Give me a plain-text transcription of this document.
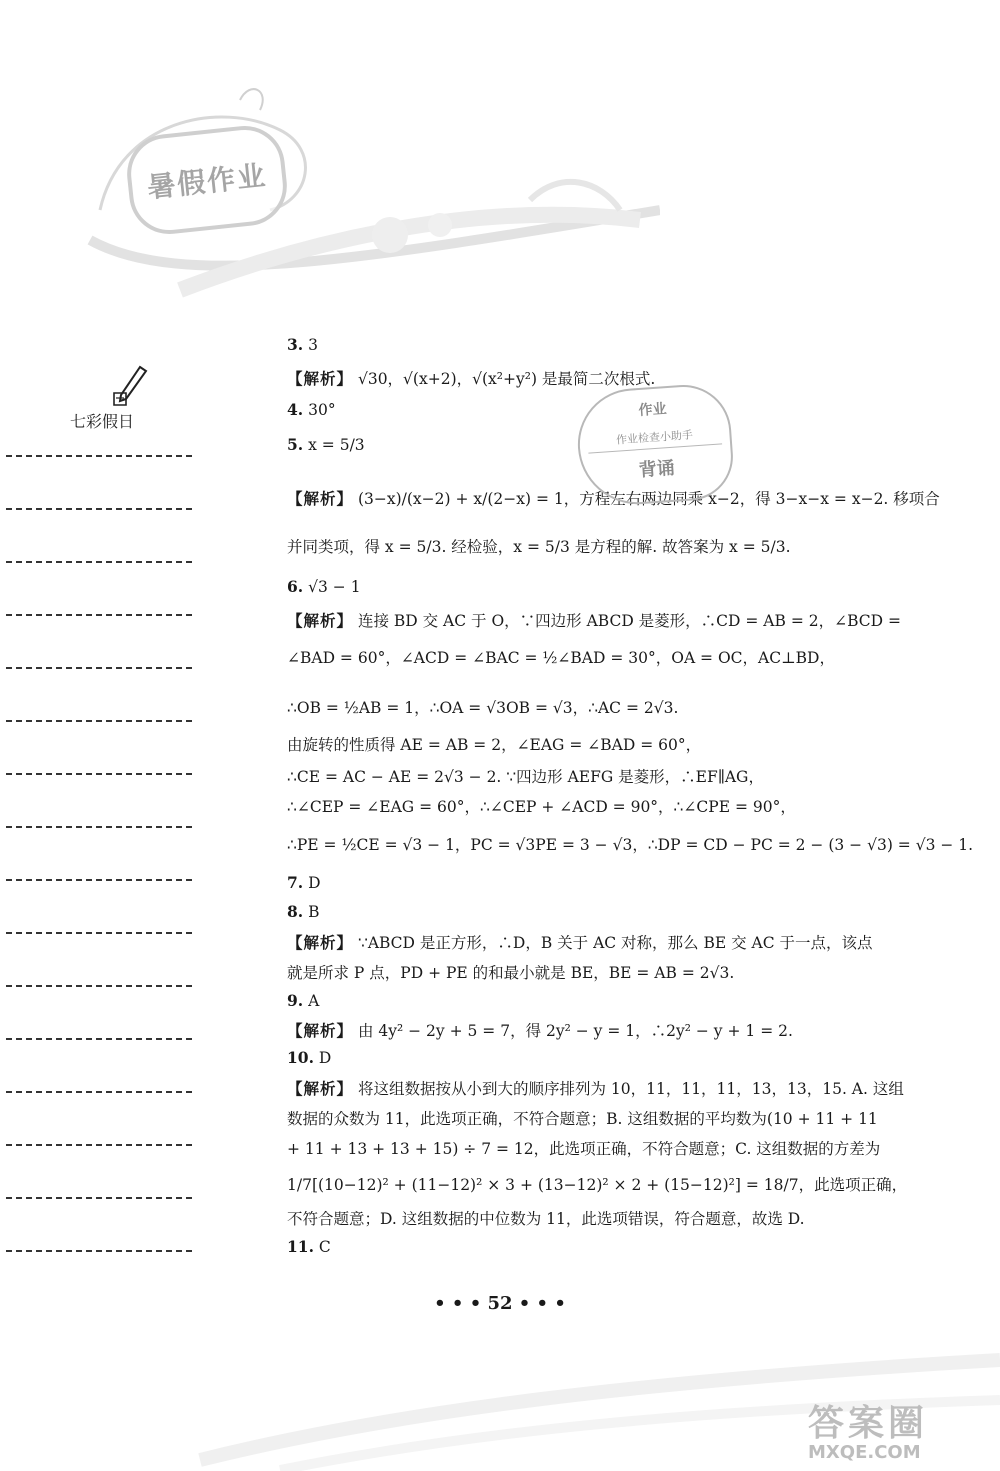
暑假作业
七彩假日
3. 3
【解析】 √30，√(x+2)，√(x²+y²) 是最简二次根式.
4. 30°
5. x = 5/3
【解析】 (3−x)/(x−2) + x/(2−x) = 1，方程左右两边同乘 x−2，得 3−x−x = x−2. 移项合
并同类项，得 x = 5/3. 经检验，x = 5/3 是方程的解. 故答案为 x = 5/3.
6. √3 − 1
【解析】 连接 BD 交 AC 于 O，∵四边形 ABCD 是菱形，∴CD = AB = 2，∠BCD =
∠BAD = 60°，∠ACD = ∠BAC = ½∠BAD = 30°，OA = OC，AC⊥BD，
∴OB = ½AB = 1，∴OA = √3OB = √3，∴AC = 2√3.
由旋转的性质得 AE = AB = 2，∠EAG = ∠BAD = 60°，
∴CE = AC − AE = 2√3 − 2. ∵四边形 AEFG 是菱形，∴EF∥AG，
∴∠CEP = ∠EAG = 60°，∴∠CEP + ∠ACD = 90°，∴∠CPE = 90°，
∴PE = ½CE = √3 − 1，PC = √3PE = 3 − √3，∴DP = CD − PC = 2 − (3 − √3) = √3 − 1.
7. D
8. B
【解析】 ∵ABCD 是正方形，∴D，B 关于 AC 对称，那么 BE 交 AC 于一点，该点
就是所求 P 点，PD + PE 的和最小就是 BE，BE = AB = 2√3.
9. A
【解析】 由 4y² − 2y + 5 = 7，得 2y² − y = 1，∴2y² − y + 1 = 2.
10. D
【解析】 将这组数据按从小到大的顺序排列为 10，11，11，11，13，13，15. A. 这组
数据的众数为 11，此选项正确，不符合题意；B. 这组数据的平均数为(10 + 11 + 11
+ 11 + 13 + 13 + 15) ÷ 7 = 12，此选项正确，不符合题意；C. 这组数据的方差为
1/7[(10−12)² + (11−12)² × 3 + (13−12)² × 2 + (15−12)²] = 18/7，此选项正确，
不符合题意；D. 这组数据的中位数为 11，此选项错误，符合题意，故选 D.
11. C
作业
作业检查小助手
背诵
• • • 52 • • •
答案圈
MXQE.COM
